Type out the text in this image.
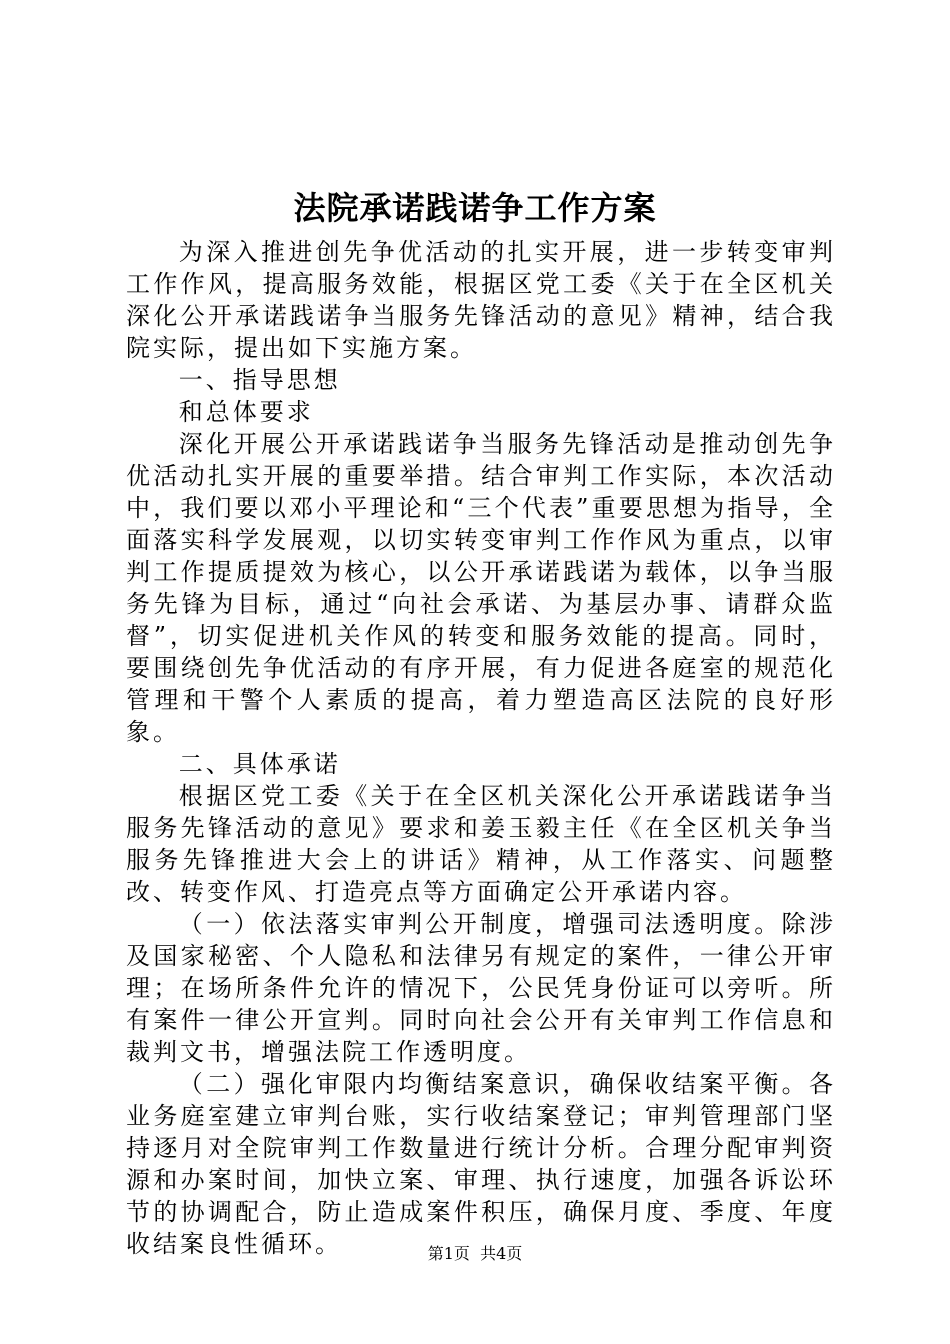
法院承诺践诺争工作方案

为深入推进创先争优活动的扎实开展，进一步转变审判工作作风，提高服务效能，根据区党工委《关于在全区机关深化公开承诺践诺争当服务先锋活动的意见》精神，结合我院实际，提出如下实施方案。

一、指导思想

和总体要求

深化开展公开承诺践诺争当服务先锋活动是推动创先争优活动扎实开展的重要举措。结合审判工作实际，本次活动中，我们要以邓小平理论和“三个代表”重要思想为指导，全面落实科学发展观，以切实转变审判工作作风为重点，以审判工作提质提效为核心，以公开承诺践诺为载体，以争当服务先锋为目标，通过“向社会承诺、为基层办事、请群众监督”，切实促进机关作风的转变和服务效能的提高。同时，要围绕创先争优活动的有序开展，有力促进各庭室的规范化管理和干警个人素质的提高，着力塑造高区法院的良好形象。

二、具体承诺

根据区党工委《关于在全区机关深化公开承诺践诺争当服务先锋活动的意见》要求和姜玉毅主任《在全区机关争当服务先锋推进大会上的讲话》精神，从工作落实、问题整改、转变作风、打造亮点等方面确定公开承诺内容。

（一）依法落实审判公开制度，增强司法透明度。除涉及国家秘密、个人隐私和法律另有规定的案件，一律公开审理；在场所条件允许的情况下，公民凭身份证可以旁听。所有案件一律公开宣判。同时向社会公开有关审判工作信息和裁判文书，增强法院工作透明度。

（二）强化审限内均衡结案意识，确保收结案平衡。各业务庭室建立审判台账，实行收结案登记；审判管理部门坚持逐月对全院审判工作数量进行统计分析。合理分配审判资源和办案时间，加快立案、审理、执行速度，加强各诉讼环节的协调配合，防止造成案件积压，确保月度、季度、年度收结案良性循环。	第1页 共4页
